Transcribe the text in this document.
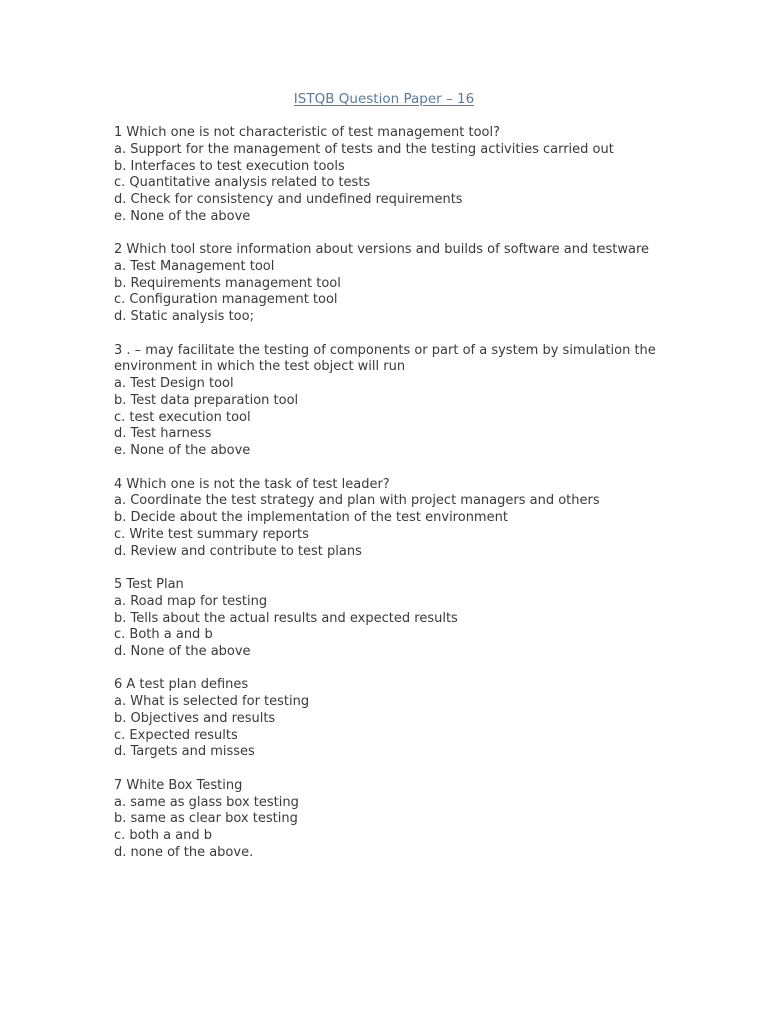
ISTQB Question Paper – 16
1 Which one is not characteristic of test management tool?
a. Support for the management of tests and the testing activities carried out
b. Interfaces to test execution tools
c. Quantitative analysis related to tests
d. Check for consistency and undefined requirements
e. None of the above
2 Which tool store information about versions and builds of software and testware
a. Test Management tool
b. Requirements management tool
c. Configuration management tool
d. Static analysis too;
3 . – may facilitate the testing of components or part of a system by simulation the environment in which the test object will run
a. Test Design tool
b. Test data preparation tool
c. test execution tool
d. Test harness
e. None of the above
4 Which one is not the task of test leader?
a. Coordinate the test strategy and plan with project managers and others
b. Decide about the implementation of the test environment
c. Write test summary reports
d. Review and contribute to test plans
5 Test Plan
a. Road map for testing
b. Tells about the actual results and expected results
c. Both a and b
d. None of the above
6 A test plan defines
a. What is selected for testing
b. Objectives and results
c. Expected results
d. Targets and misses
7 White Box Testing
a. same as glass box testing
b. same as clear box testing
c. both a and b
d. none of the above.
